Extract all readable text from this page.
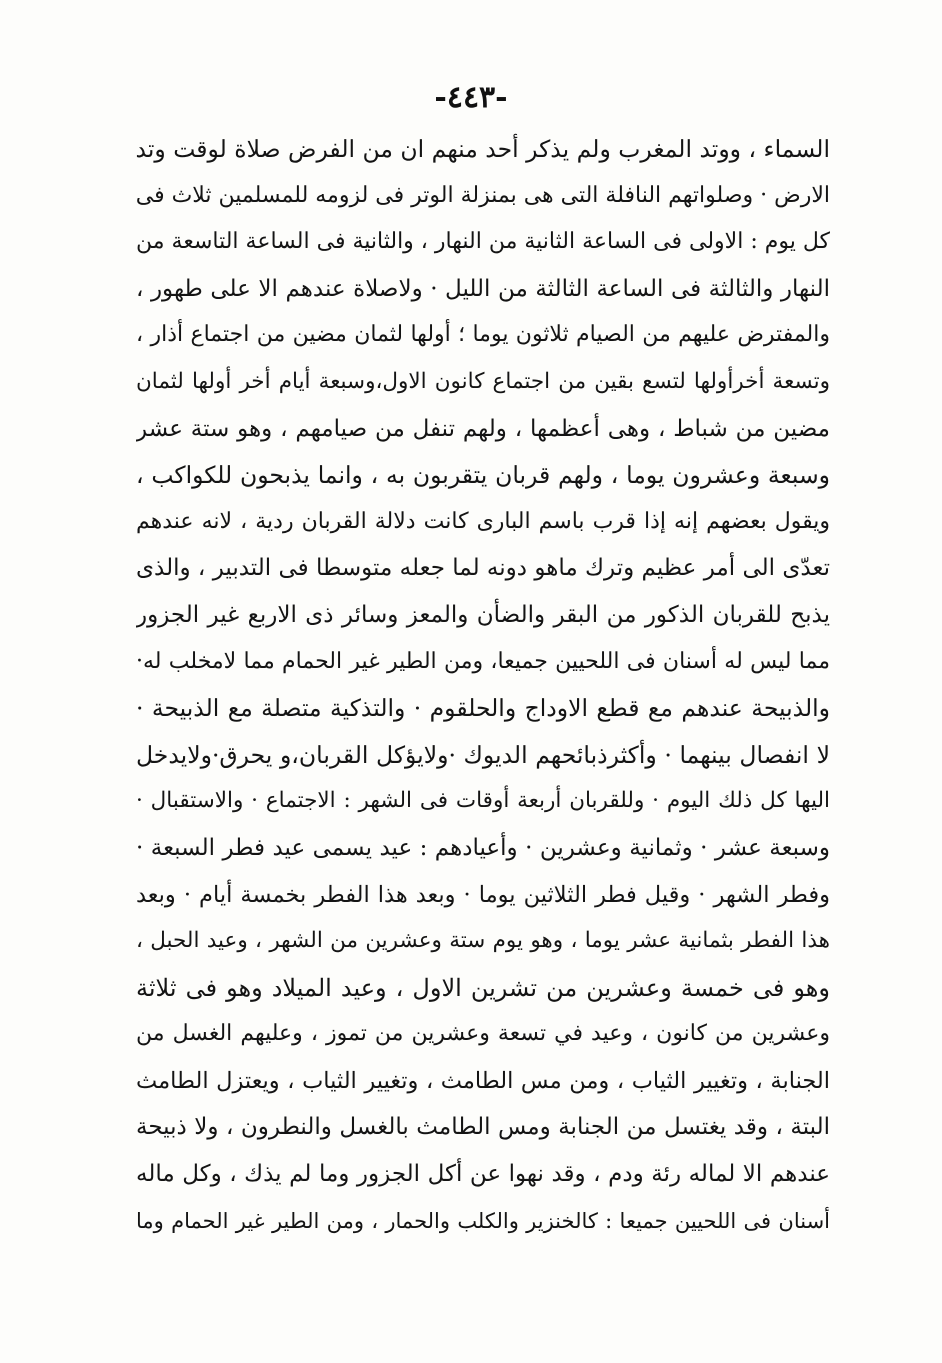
-٤٤٣-
السماء ، ووتد المغرب ولم يذكر أحد منهم ان من الفرض صلاة لوقت وتد
الارض · وصلواتهم النافلة التى هى بمنزلة الوتر فى لزومه للمسلمين ثلاث فى
كل يوم : الاولى فى الساعة الثانية من النهار ، والثانية فى الساعة التاسعة من
النهار والثالثة فى الساعة الثالثة من الليل · ولاصلاة عندهم الا على طهور ،
والمفترض عليهم من الصيام ثلاثون يوما ؛ أولها لثمان مضين من اجتماع أذار ،
وتسعة أخرأولها لتسع بقين من اجتماع كانون الاول،وسبعة أيام أخر أولها لثمان
مضين من شباط ، وهى أعظمها ، ولهم تنفل من صيامهم ، وهو ستة عشر
وسبعة وعشرون يوما ، ولهم قربان يتقربون به ، وانما يذبحون للكواكب ،
ويقول بعضهم إنه إذا قرب باسم البارى كانت دلالة القربان ردية ، لانه عندهم
تعدّى الى أمر عظيم وترك ماهو دونه لما جعله متوسطا فى التدبير ، والذى
يذبح للقربان الذكور من البقر والضأن والمعز وسائر ذى الاربع غير الجزور
مما ليس له أسنان فى اللحيين جميعا، ومن الطير غير الحمام مما لامخلب له·
والذبيحة عندهم مع قطع الاوداج والحلقوم · والتذكية متصلة مع الذبيحة ·
لا انفصال بينهما · وأكثرذبائحهم الديوك ·ولايؤكل القربان،و يحرق·ولايدخل
اليها كل ذلك اليوم · وللقربان أربعة أوقات فى الشهر : الاجتماع · والاستقبال ·
وسبعة عشر · وثمانية وعشرين · وأعيادهم : عيد يسمى عيد فطر السبعة ·
وفطر الشهر · وقيل فطر الثلاثين يوما · وبعد هذا الفطر بخمسة أيام · وبعد
هذا الفطر بثمانية عشر يوما ، وهو يوم ستة وعشرين من الشهر ، وعيد الحبل ،
وهو فى خمسة وعشرين من تشرين الاول ، وعيد الميلاد وهو فى ثلاثة
وعشرين من كانون ، وعيد في تسعة وعشرين من تموز ، وعليهم الغسل من
الجنابة ، وتغيير الثياب ، ومن مس الطامث ، وتغيير الثياب ، ويعتزل الطامث
البتة ، وقد يغتسل من الجنابة ومس الطامث بالغسل والنطرون ، ولا ذبيحة
عندهم الا لماله رئة ودم ، وقد نهوا عن أكل الجزور وما لم يذك ، وكل ماله
أسنان فى اللحيين جميعا : كالخنزير والكلب والحمار ، ومن الطير غير الحمام وما
